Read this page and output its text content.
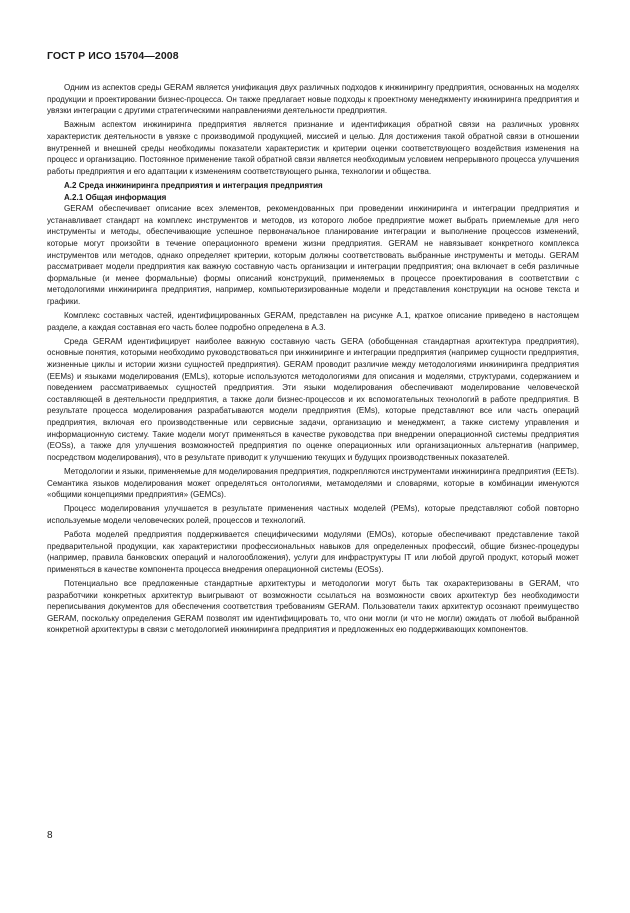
ГОСТ Р ИСО 15704—2008

Одним из аспектов среды GERAM является унификация двух различных подходов к инжинирингу предприятия, основанных на моделях продукции и проектировании бизнес-процесса. Он также предлагает новые подходы к проектному менеджменту инжиниринга предприятия и увязки интеграции с другими стратегическими направлениями деятельности предприятия.

Важным аспектом инжиниринга предприятия является признание и идентификация обратной связи на различных уровнях характеристик деятельности в увязке с производимой продукцией, миссией и целью. Для достижения такой обратной связи в отношении внутренней и внешней среды необходимы показатели характеристик и критерии оценки соответствующего воздействия изменения на процесс и организацию. Постоянное применение такой обратной связи является необходимым условием непрерывного процесса улучшения работы предприятия и его адаптации к изменениям соответствующего рынка, технологии и общества.

А.2 Среда инжиниринга предприятия и интеграция предприятия

А.2.1 Общая информация

GERAM обеспечивает описание всех элементов, рекомендованных при проведении инжиниринга и интеграции предприятия и устанавливает стандарт на комплекс инструментов и методов, из которого любое предприятие может выбрать приемлемые для него инструменты и методы, обеспечивающие успешное первоначальное планирование интеграции и выполнение процессов изменений, которые могут произойти в течение операционного времени жизни предприятия. GERAM не навязывает конкретного комплекса инструментов или методов, однако определяет критерии, которым должны соответствовать выбранные инструменты и методы. GERAM рассматривает модели предприятия как важную составную часть организации и интеграции предприятия; она включает в себя различные формальные (и менее формальные) формы описаний конструкций, применяемых в процессе проектирования в соответствии с методологиями инжиниринга предприятия, например, компьютеризированные модели и представления конструкции на основе текста и графики.

Комплекс составных частей, идентифицированных GERAM, представлен на рисунке А.1, краткое описание приведено в настоящем разделе, а каждая составная его часть более подробно определена в А.3.

Среда GERAM идентифицирует наиболее важную составную часть GERA (обобщенная стандартная архитектура предприятия), основные понятия, которыми необходимо руководствоваться при инжиниринге и интеграции предприятия (например сущности предприятия, жизненные циклы и истории жизни сущностей предприятия). GERAM проводит различие между методологиями инжиниринга предприятия (EEMs) и языками моделирования (EMLs), которые используются методологиями для описания и моделями, структурами, содержанием и поведением рассматриваемых сущностей предприятия. Эти языки моделирования обеспечивают моделирование человеческой составляющей в деятельности предприятия, а также доли бизнес-процессов и их вспомогательных технологий в работе предприятия. В результате процесса моделирования разрабатываются модели предприятия (EMs), которые представляют все или часть операций предприятия, включая его производственные или сервисные задачи, организацию и менеджмент, а также систему управления и информационную систему. Такие модели могут применяться в качестве руководства при внедрении операционной системы предприятия (EOSs), а также для улучшения возможностей предприятия по оценке операционных или организационных альтернатив (например, посредством моделирования), что в результате приводит к улучшению текущих и будущих производственных показателей.

Методологии и языки, применяемые для моделирования предприятия, подкрепляются инструментами инжиниринга предприятия (EETs). Семантика языков моделирования может определяться онтологиями, метамоделями и словарями, которые в комбинации именуются «общими концепциями предприятия» (GEMCs).

Процесс моделирования улучшается в результате применения частных моделей (PEMs), которые представляют собой повторно используемые модели человеческих ролей, процессов и технологий.

Работа моделей предприятия поддерживается специфическими модулями (EMOs), которые обеспечивают представление такой предварительной продукции, как характеристики профессиональных навыков для определенных профессий, общие бизнес-процедуры (например, правила банковских операций и налогообложения), услуги для инфраструктуры IT или любой другой продукт, который может применяться в качестве компонента процесса внедрения операционной системы (EOSs).

Потенциально все предложенные стандартные архитектуры и методологии могут быть так охарактеризованы в GERAM, что разработчики конкретных архитектур выигрывают от возможности ссылаться на возможности своих архитектур без необходимости переписывания документов для обеспечения соответствия требованиям GERAM. Пользователи таких архитектур осознают преимущество GERAM, поскольку определения GERAM позволят им идентифицировать то, что они могли (и что не могли) ожидать от любой выбранной конкретной архитектуры в связи с методологией инжиниринга предприятия и предложенных ею поддерживающих компонентов.

8
